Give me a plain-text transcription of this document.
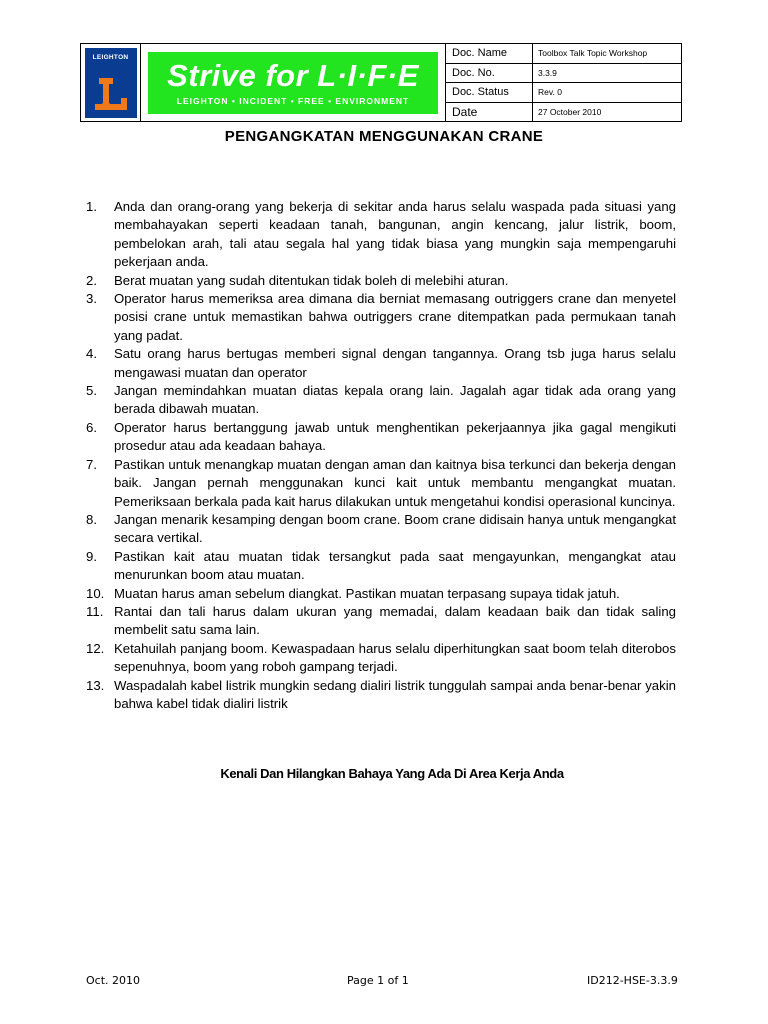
LEIGHTON
Strive for L·I·F·E
LEIGHTON • INCIDENT • FREE • ENVIRONMENT
Doc. Name	Toolbox Talk Topic Workshop
Doc. No.	3.3.9
Doc. Status	Rev. 0
Date	27 October 2010
PENGANGKATAN MENGGUNAKAN CRANE
1.	Anda dan orang-orang yang bekerja di sekitar anda harus selalu waspada pada situasi yang membahayakan seperti keadaan tanah, bangunan, angin kencang, jalur listrik, boom, pembelokan arah, tali atau segala hal yang tidak biasa yang mungkin saja mempengaruhi pekerjaan anda.
2.	Berat muatan yang sudah ditentukan tidak boleh di melebihi aturan.
3.	Operator harus memeriksa area dimana dia berniat memasang outriggers crane dan menyetel posisi crane untuk memastikan bahwa outriggers crane ditempatkan pada permukaan tanah yang padat.
4.	Satu orang harus bertugas memberi signal dengan tangannya. Orang tsb juga harus selalu mengawasi muatan dan operator
5.	Jangan memindahkan muatan diatas kepala orang lain. Jagalah agar tidak ada orang yang berada dibawah muatan.
6.	Operator harus bertanggung jawab untuk menghentikan pekerjaannya jika gagal mengikuti prosedur atau ada keadaan bahaya.
7.	Pastikan untuk menangkap muatan dengan aman dan kaitnya bisa terkunci dan bekerja dengan baik. Jangan pernah menggunakan kunci kait untuk membantu mengangkat muatan. Pemeriksaan berkala pada kait harus dilakukan untuk mengetahui kondisi operasional kuncinya.
8.	Jangan menarik kesamping dengan boom crane. Boom crane didisain hanya untuk mengangkat secara vertikal.
9.	Pastikan kait atau muatan tidak tersangkut pada saat mengayunkan, mengangkat atau menurunkan boom atau muatan.
10. Muatan harus aman sebelum diangkat. Pastikan muatan terpasang supaya tidak jatuh.
11. Rantai dan tali harus dalam ukuran yang memadai, dalam keadaan baik dan tidak saling membelit satu sama lain.
12. Ketahuilah panjang boom. Kewaspadaan harus selalu diperhitungkan saat boom telah diterobos sepenuhnya, boom yang roboh gampang terjadi.
13. Waspadalah kabel listrik mungkin sedang dialiri listrik tunggulah sampai anda benar-benar yakin bahwa kabel tidak dialiri listrik
Kenali Dan Hilangkan Bahaya Yang Ada Di Area Kerja Anda
Oct. 2010	Page 1 of 1	ID212-HSE-3.3.9
